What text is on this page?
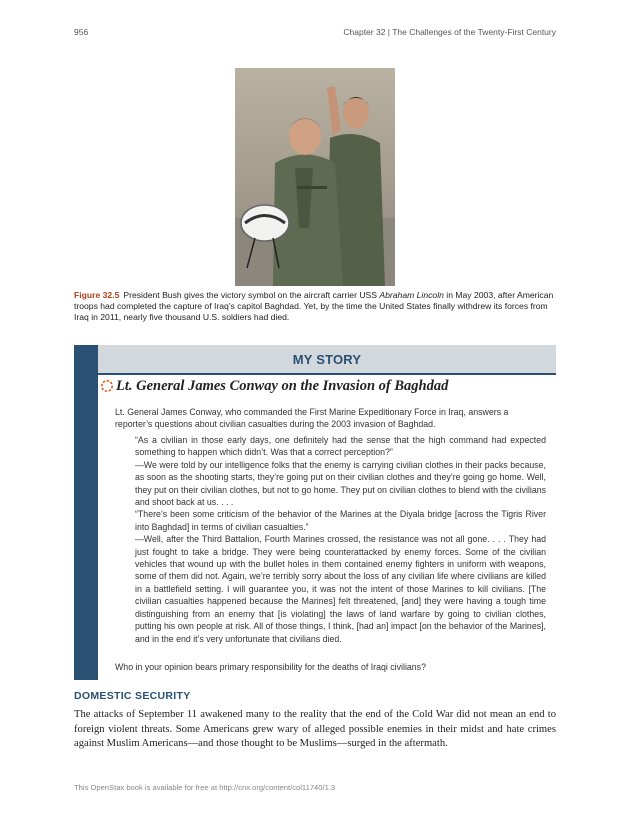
956	Chapter 32 | The Challenges of the Twenty-First Century

Figure 32.5 President Bush gives the victory symbol on the aircraft carrier USS Abraham Lincoln in May 2003, after American troops had completed the capture of Iraq’s capitol Baghdad. Yet, by the time the United States finally withdrew its forces from Iraq in 2011, nearly five thousand U.S. soldiers had died.

MY STORY
Lt. General James Conway on the Invasion of Baghdad

Lt. General James Conway, who commanded the First Marine Expeditionary Force in Iraq, answers a reporter’s questions about civilian casualties during the 2003 invasion of Baghdad.

“As a civilian in those early days, one definitely had the sense that the high command had expected something to happen which didn’t. Was that a correct perception?”

—We were told by our intelligence folks that the enemy is carrying civilian clothes in their packs because, as soon as the shooting starts, they’re going put on their civilian clothes and they’re going go home. Well, they put on their civilian clothes, but not to go home. They put on civilian clothes to blend with the civilians and shoot back at us. . . .

“There’s been some criticism of the behavior of the Marines at the Diyala bridge [across the Tigris River into Baghdad] in terms of civilian casualties.”

—Well, after the Third Battalion, Fourth Marines crossed, the resistance was not all gone. . . . They had just fought to take a bridge. They were being counterattacked by enemy forces. Some of the civilian vehicles that wound up with the bullet holes in them contained enemy fighters in uniform with weapons, some of them did not. Again, we’re terribly sorry about the loss of any civilian life where civilians are killed in a battlefield setting. I will guarantee you, it was not the intent of those Marines to kill civilians. [The civilian casualties happened because the Marines] felt threatened, [and] they were having a tough time distinguishing from an enemy that [is violating] the laws of land warfare by going to civilian clothes, putting his own people at risk. All of those things, I think, [had an] impact [on the behavior of the Marines], and in the end it’s very unfortunate that civilians died.

Who in your opinion bears primary responsibility for the deaths of Iraqi civilians?

DOMESTIC SECURITY

The attacks of September 11 awakened many to the reality that the end of the Cold War did not mean an end to foreign violent threats. Some Americans grew wary of alleged possible enemies in their midst and hate crimes against Muslim Americans—and those thought to be Muslims—surged in the aftermath.

This OpenStax book is available for free at http://cnx.org/content/col11740/1.3
